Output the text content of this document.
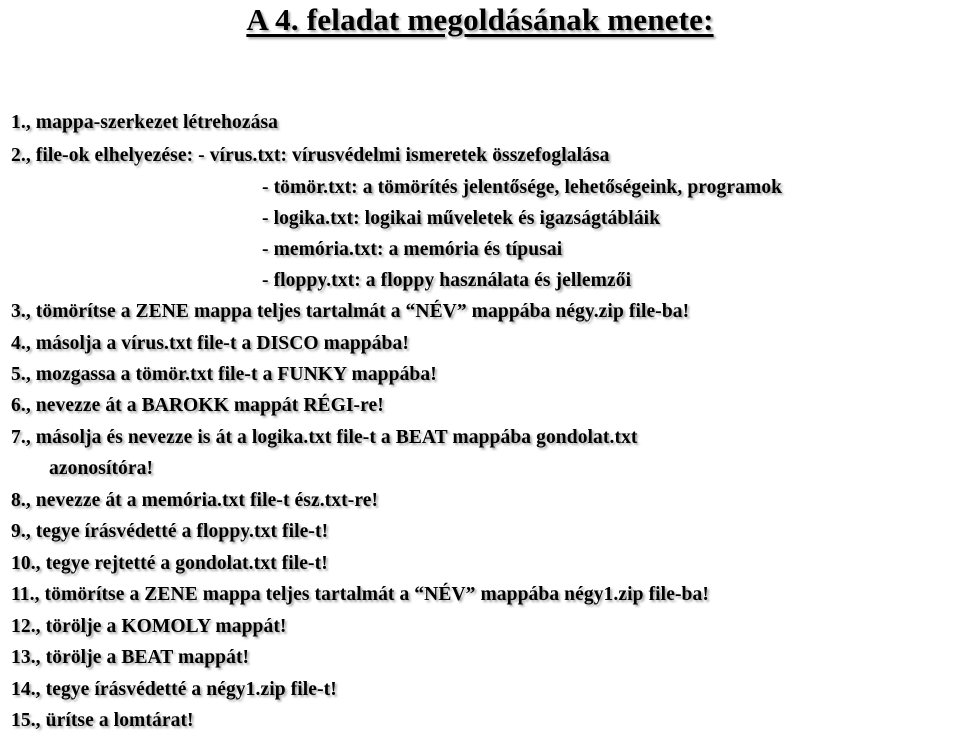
A 4. feladat megoldásának menete:
1., mappa-szerkezet létrehozása
2., file-ok elhelyezése: - vírus.txt: vírusvédelmi ismeretek összefoglalása
- tömör.txt: a tömörítés jelentősége, lehetőségeink, programok
- logika.txt: logikai műveletek és igazságtábláik
- memória.txt: a memória és típusai
- floppy.txt: a floppy használata és jellemzői
3., tömörítse a ZENE mappa teljes tartalmát a “NÉV” mappába négy.zip file-ba!
4., másolja a vírus.txt file-t a DISCO mappába!
5., mozgassa a tömör.txt file-t a FUNKY mappába!
6., nevezze át a BAROKK mappát RÉGI-re!
7., másolja és nevezze is át a logika.txt file-t a BEAT mappába gondolat.txt
azonosítóra!
8., nevezze át a memória.txt file-t ész.txt-re!
9., tegye írásvédetté a floppy.txt file-t!
10., tegye rejtetté a gondolat.txt file-t!
11., tömörítse a ZENE mappa teljes tartalmát a “NÉV” mappába négy1.zip file-ba!
12., törölje a KOMOLY mappát!
13., törölje a BEAT mappát!
14., tegye írásvédetté a négy1.zip file-t!
15., ürítse a lomtárat!
